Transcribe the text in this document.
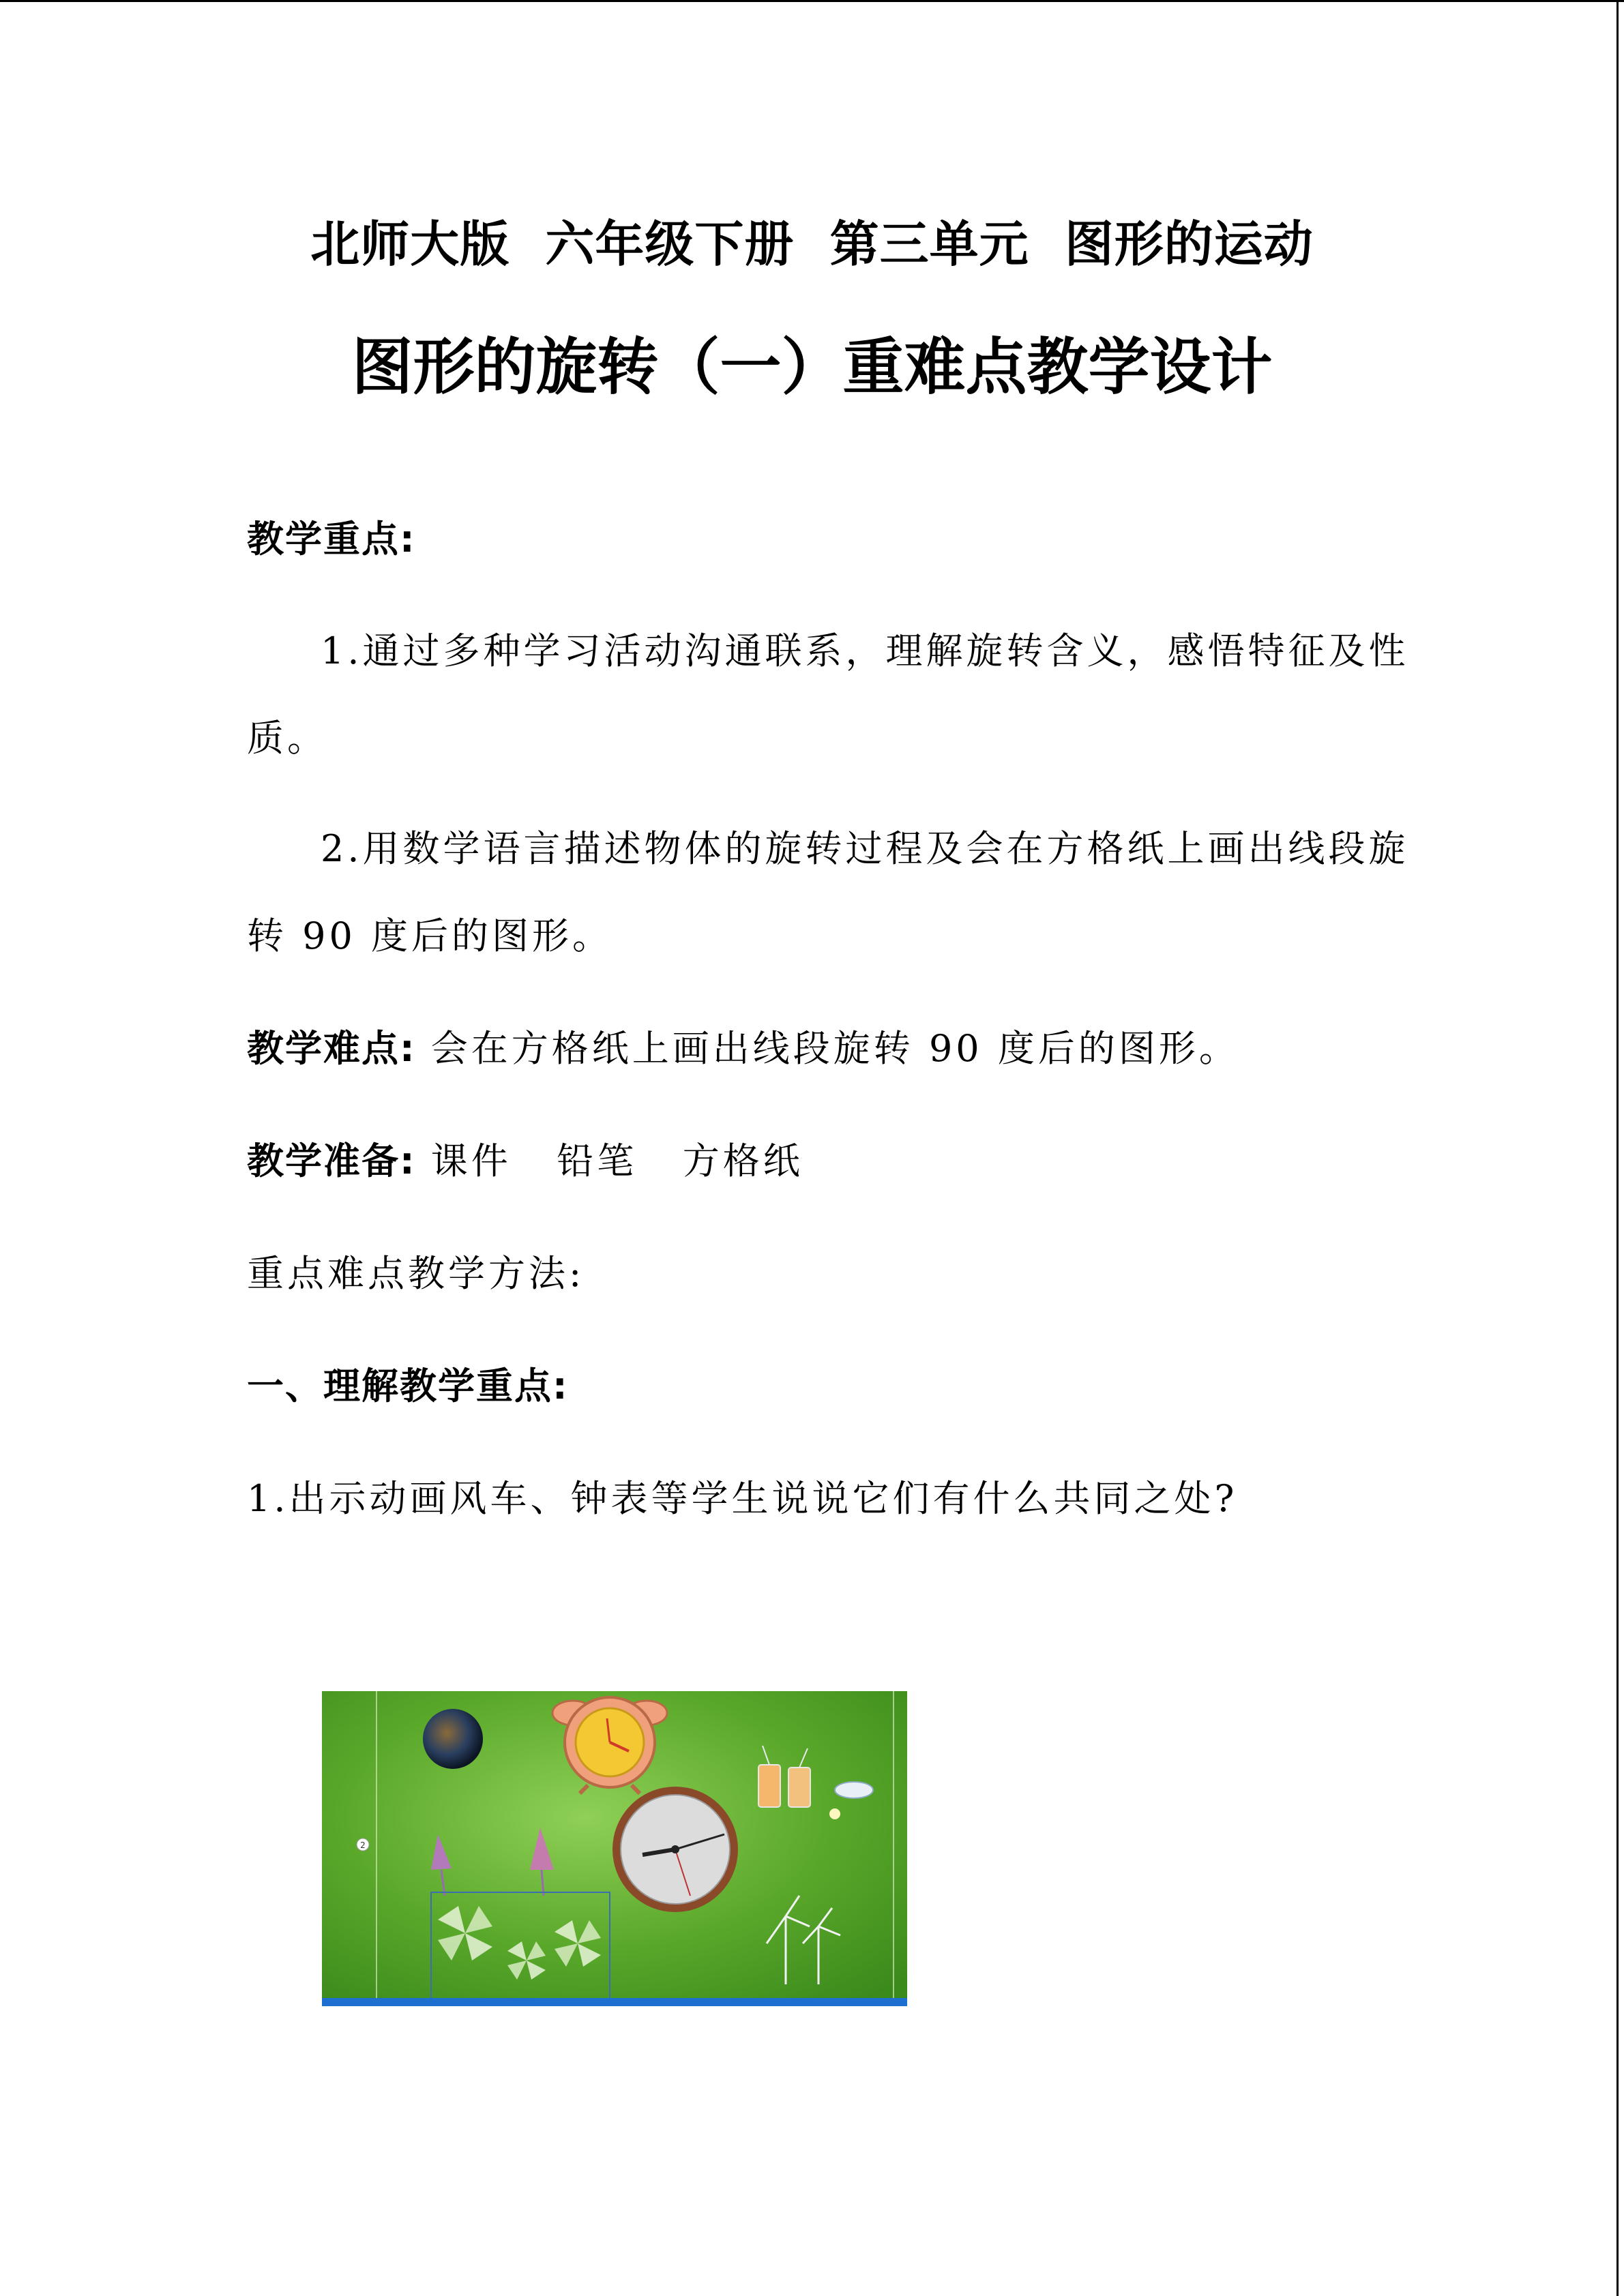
北师大版  六年级下册  第三单元  图形的运动
图形的旋转（一）重难点教学设计
教学重点:
1.通过多种学习活动沟通联系，理解旋转含义，感悟特征及性
质。
2.用数学语言描述物体的旋转过程及会在方格纸上画出线段旋
转 90 度后的图形。
教学难点: 会在方格纸上画出线段旋转 90 度后的图形。
教学准备: 课件   铅笔   方格纸
重点难点教学方法:
一、理解教学重点:
1.出示动画风车、钟表等学生说说它们有什么共同之处?
2
